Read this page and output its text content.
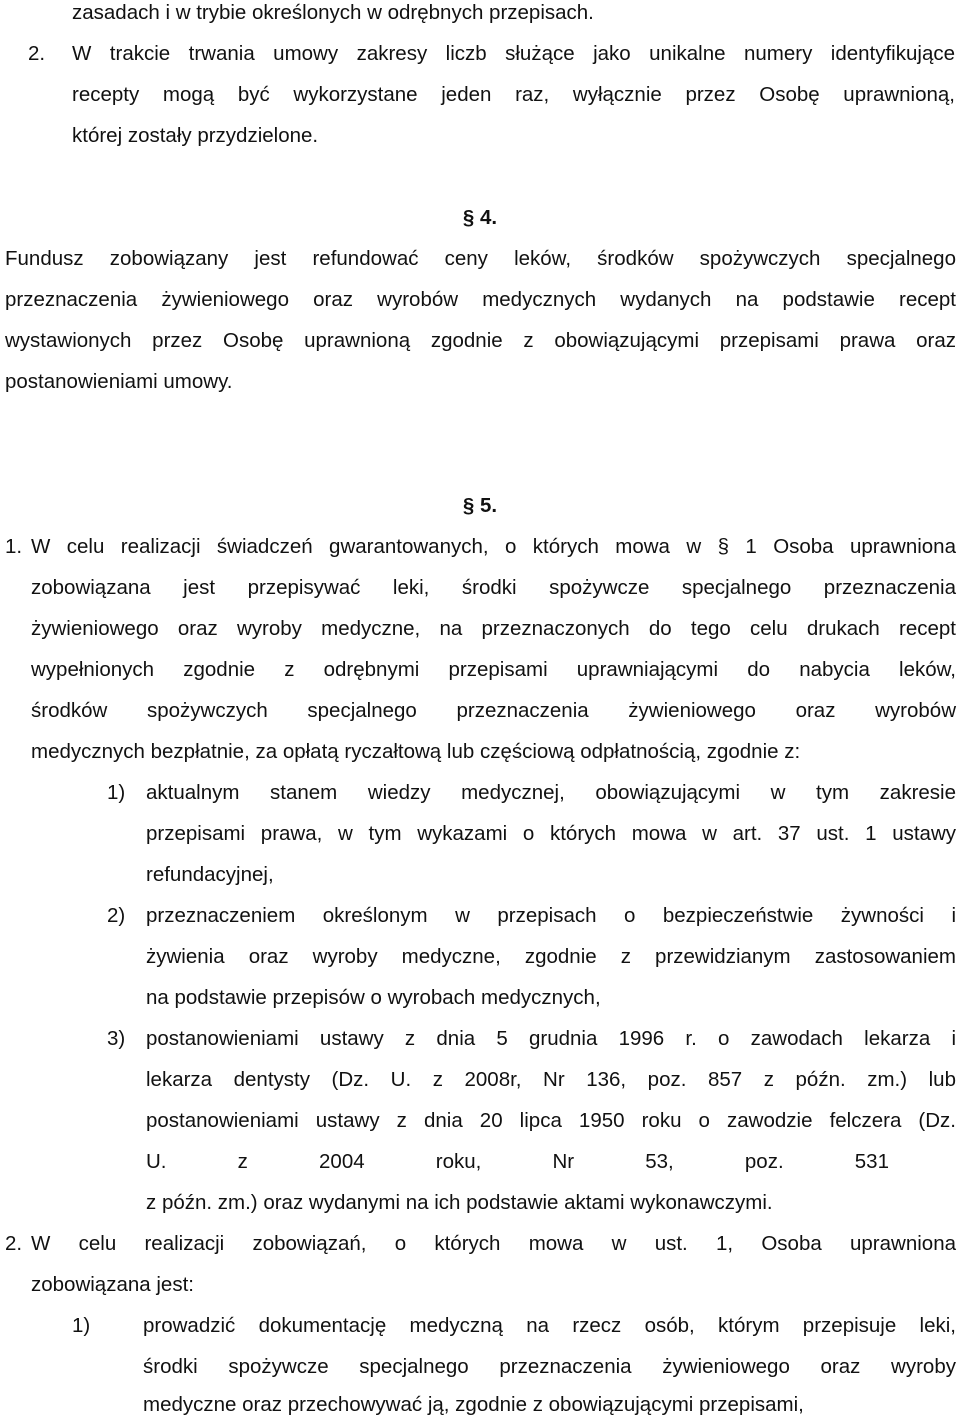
zasadach i w trybie określonych w odrębnych przepisach.
2. W trakcie trwania umowy zakresy liczb służące jako unikalne numery identyfikujące
recepty mogą być wykorzystane jeden raz, wyłącznie przez Osobę uprawnioną,
której zostały przydzielone.
§ 4.
Fundusz zobowiązany jest refundować ceny leków, środków spożywczych specjalnego
przeznaczenia żywieniowego oraz wyrobów medycznych wydanych na podstawie recept
wystawionych przez Osobę uprawnioną zgodnie z obowiązującymi przepisami prawa oraz
postanowieniami umowy.
§ 5.
1. W celu realizacji świadczeń gwarantowanych, o których mowa w § 1 Osoba uprawniona
zobowiązana jest przepisywać leki, środki spożywcze specjalnego przeznaczenia
żywieniowego oraz wyroby medyczne, na przeznaczonych do tego celu drukach recept
wypełnionych zgodnie z odrębnymi przepisami uprawniającymi do nabycia leków,
środków spożywczych specjalnego przeznaczenia żywieniowego oraz wyrobów
medycznych bezpłatnie, za opłatą ryczałtową lub częściową odpłatnością, zgodnie z:
1) aktualnym stanem wiedzy medycznej, obowiązującymi w tym zakresie
przepisami prawa, w tym wykazami o których mowa w art. 37 ust. 1 ustawy
refundacyjnej,
2) przeznaczeniem określonym w przepisach o bezpieczeństwie żywności i
żywienia oraz wyroby medyczne, zgodnie z przewidzianym zastosowaniem
na podstawie przepisów o wyrobach medycznych,
3) postanowieniami ustawy z dnia 5 grudnia 1996 r. o zawodach lekarza i
lekarza dentysty (Dz. U. z 2008r, Nr 136, poz. 857 z późn. zm.) lub
postanowieniami ustawy z dnia 20 lipca 1950 roku o zawodzie felczera (Dz.
U. z 2004 roku, Nr 53, poz. 531
z późn. zm.) oraz wydanymi na ich podstawie aktami wykonawczymi.
2. W celu realizacji zobowiązań, o których mowa w ust. 1, Osoba uprawniona
zobowiązana jest:
1)	prowadzić dokumentację medyczną na rzecz osób, którym przepisuje leki,
środki spożywcze specjalnego przeznaczenia żywieniowego oraz wyroby
medyczne oraz przechowywać ją, zgodnie z obowiązującymi przepisami,
